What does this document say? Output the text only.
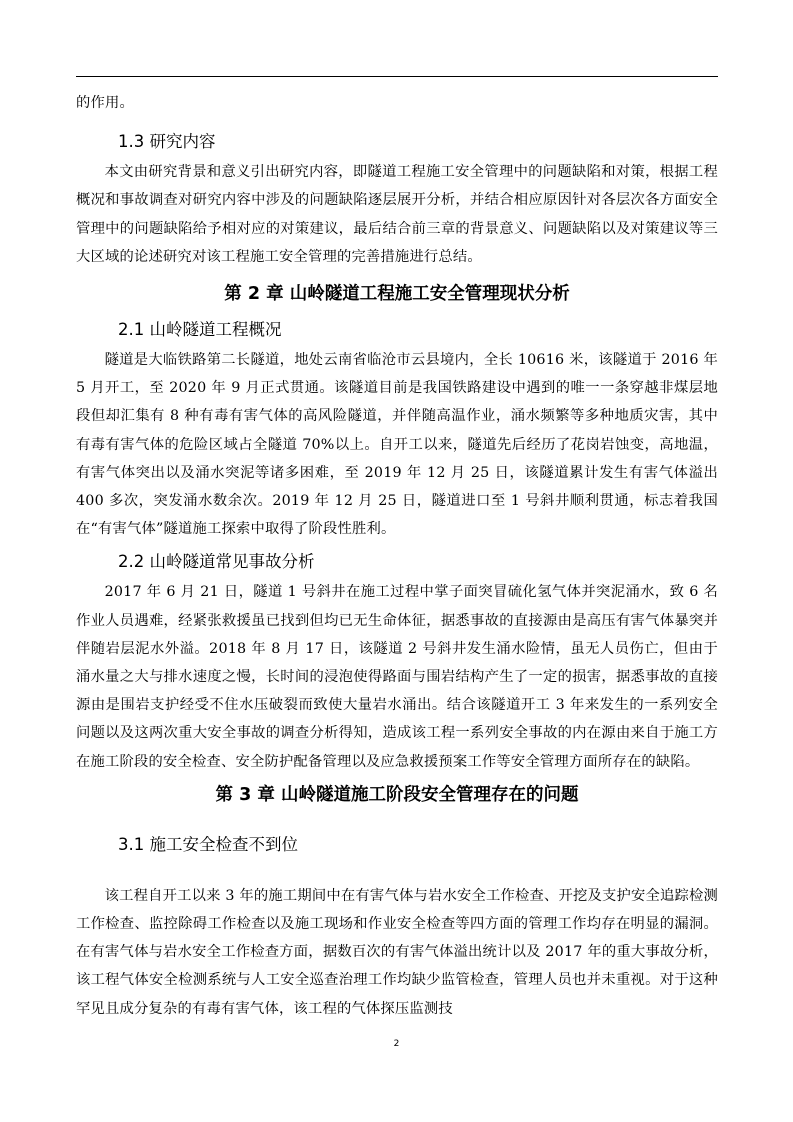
的作用。

1.3 研究内容

本文由研究背景和意义引出研究内容，即隧道工程施工安全管理中的问题缺陷和对策，根据工程概况和事故调查对研究内容中涉及的问题缺陷逐层展开分析，并结合相应原因针对各层次各方面安全管理中的问题缺陷给予相对应的对策建议，最后结合前三章的背景意义、问题缺陷以及对策建议等三大区域的论述研究对该工程施工安全管理的完善措施进行总结。

第 2 章 山岭隧道工程施工安全管理现状分析
2.1 山岭隧道工程概况

隧道是大临铁路第二长隧道，地处云南省临沧市云县境内，全长 10616 米，该隧道于 2016 年 5 月开工，至 2020 年 9 月正式贯通。该隧道目前是我国铁路建设中遇到的唯一一条穿越非煤层地段但却汇集有 8 种有毒有害气体的高风险隧道，并伴随高温作业，涌水频繁等多种地质灾害，其中有毒有害气体的危险区域占全隧道 70%以上。自开工以来，隧道先后经历了花岗岩蚀变，高地温，有害气体突出以及涌水突泥等诸多困难，至 2019 年 12 月 25 日，该隧道累计发生有害气体溢出 400 多次，突发涌水数余次。2019 年 12 月 25 日，隧道进口至 1 号斜井顺利贯通，标志着我国在“有害气体”隧道施工探索中取得了阶段性胜利。

2.2 山岭隧道常见事故分析

2017 年 6 月 21 日，隧道 1 号斜井在施工过程中掌子面突冒硫化氢气体并突泥涌水，致 6 名作业人员遇难，经紧张救援虽已找到但均已无生命体征，据悉事故的直接源由是高压有害气体暴突并伴随岩层泥水外溢。2018 年 8 月 17 日，该隧道 2 号斜井发生涌水险情，虽无人员伤亡，但由于涌水量之大与排水速度之慢，长时间的浸泡使得路面与围岩结构产生了一定的损害，据悉事故的直接源由是围岩支护经受不住水压破裂而致使大量岩水涌出。结合该隧道开工 3 年来发生的一系列安全问题以及这两次重大安全事故的调查分析得知，造成该工程一系列安全事故的内在源由来自于施工方在施工阶段的安全检查、安全防护配备管理以及应急救援预案工作等安全管理方面所存在的缺陷。

第 3 章 山岭隧道施工阶段安全管理存在的问题
3.1 施工安全检查不到位

该工程自开工以来 3 年的施工期间中在有害气体与岩水安全工作检查、开挖及支护安全追踪检测工作检查、监控除碍工作检查以及施工现场和作业安全检查等四方面的管理工作均存在明显的漏洞。在有害气体与岩水安全工作检查方面，据数百次的有害气体溢出统计以及 2017 年的重大事故分析，该工程气体安全检测系统与人工安全巡查治理工作均缺少监管检查，管理人员也并未重视。对于这种罕见且成分复杂的有毒有害气体，该工程的气体探压监测技

2
